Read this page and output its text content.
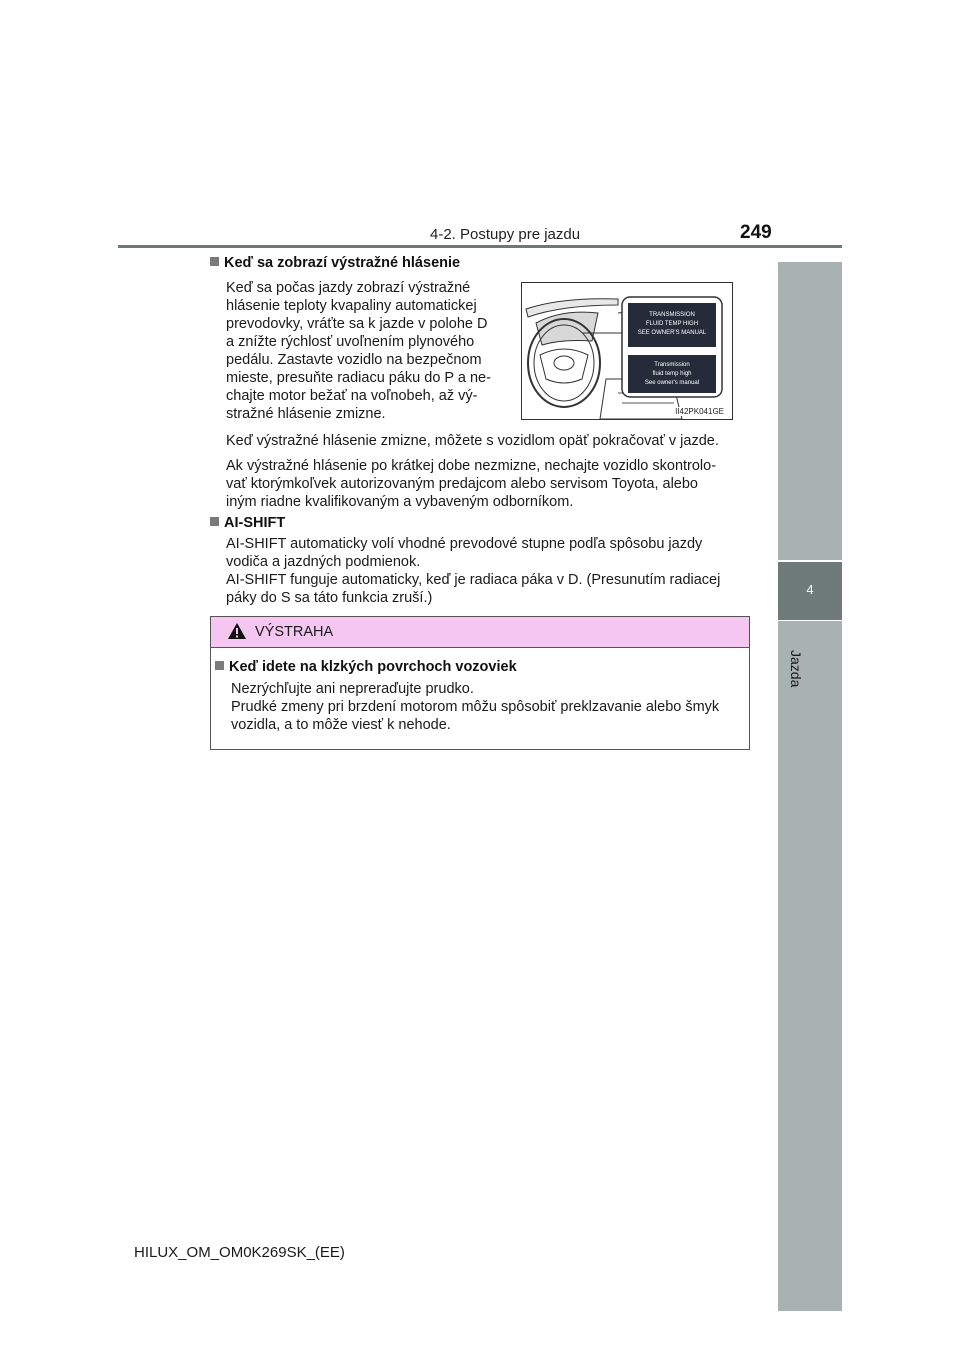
4-2. Postupy pre jazdu	249
4
Jazda
Keď sa zobrazí výstražné hlásenie
Keď sa počas jazdy zobrazí výstražné
hlásenie teploty kvapaliny automatickej
prevodovky, vráťte sa k jazde v polohe D
a znížte rýchlosť uvoľnením plynového
pedálu. Zastavte vozidlo na bezpečnom
mieste, presuňte radiacu páku do P a ne-
chajte motor bežať na voľnobeh, až vý-
stražné hlásenie zmizne.
TRANSMISSION
FLUID TEMP HIGH
SEE OWNER'S MANUAL
Transmission
fluid temp high
See owner's manual
II42PK041GE
Keď výstražné hlásenie zmizne, môžete s vozidlom opäť pokračovať v jazde.
Ak výstražné hlásenie po krátkej dobe nezmizne, nechajte vozidlo skontrolo-
vať ktorýmkoľvek autorizovaným predajcom alebo servisom Toyota, alebo
iným riadne kvalifikovaným a vybaveným odborníkom.
AI-SHIFT
AI-SHIFT automaticky volí vhodné prevodové stupne podľa spôsobu jazdy
vodiča a jazdných podmienok.
AI-SHIFT funguje automaticky, keď je radiaca páka v D. (Presunutím radiacej
páky do S sa táto funkcia zruší.)
VÝSTRAHA
Keď idete na klzkých povrchoch vozoviek
Nezrýchľujte ani nepreraďujte prudko.
Prudké zmeny pri brzdení motorom môžu spôsobiť preklzavanie alebo šmyk
vozidla, a to môže viesť k nehode.
HILUX_OM_OM0K269SK_(EE)
